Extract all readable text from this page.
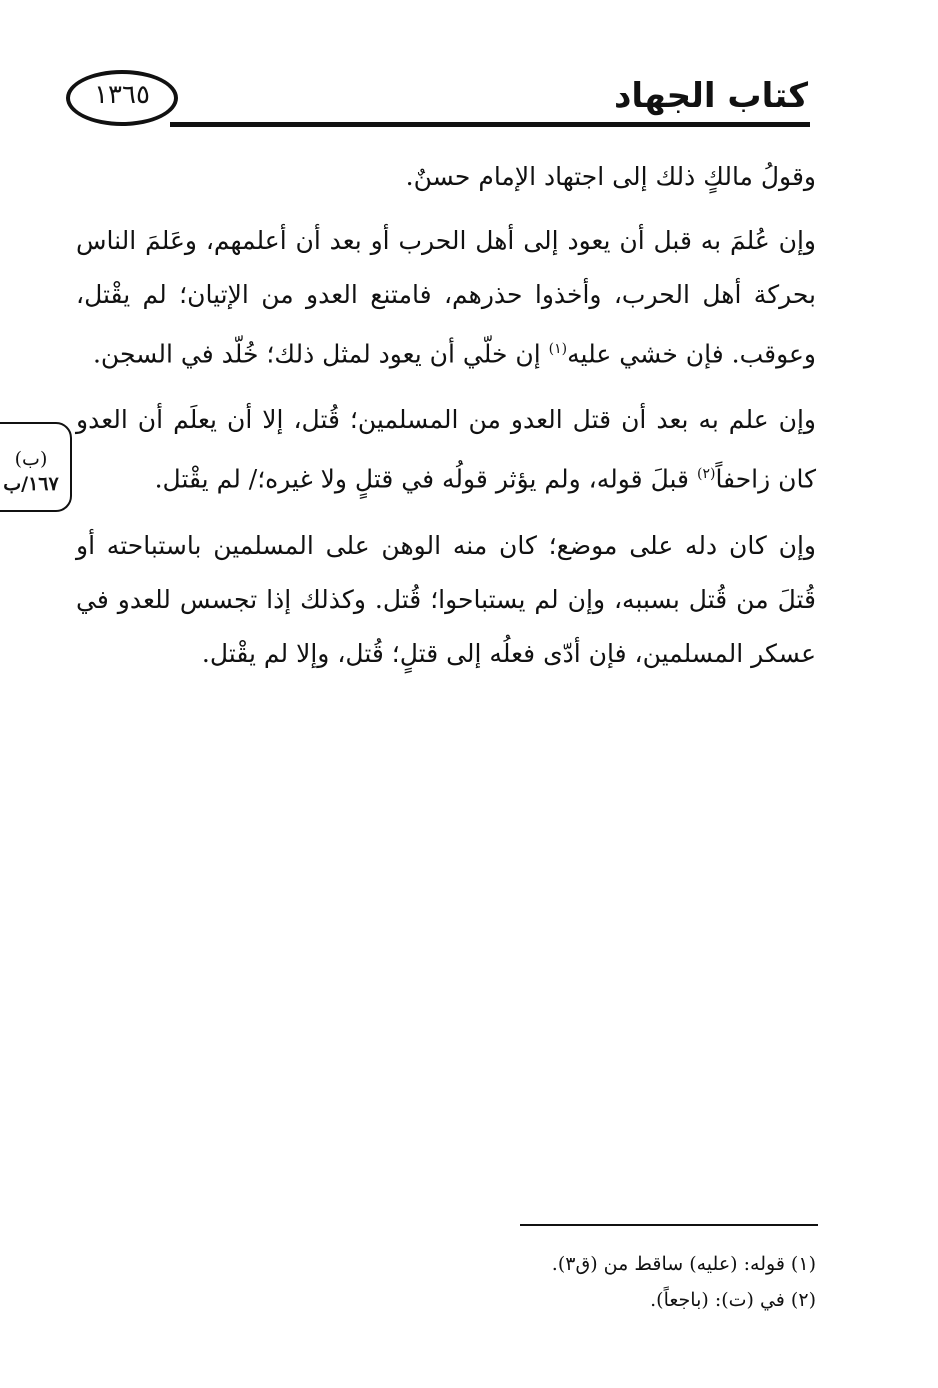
كتاب الجهاد
١٣٦٥
(ب)
١٦٧/ب

وقولُ مالكٍ ذلك إلى اجتهاد الإمام حسنٌ.

وإن عُلمَ به قبل أن يعود إلى أهل الحرب أو بعد أن أعلمهم، وعَلمَ الناس بحركة أهل الحرب، وأخذوا حذرهم، فامتنع العدو من الإتيان؛ لم يقْتل، وعوقب. فإن خشي عليه$^{(١)}$ إن خلّي أن يعود لمثل ذلك؛ خُلّد في السجن.

وإن علم به بعد أن قتل العدو من المسلمين؛ قُتل، إلا أن يعلَم أن العدو كان زاحفاً$^{(٢)}$ قبلَ قوله، ولم يؤثر قولُه في قتلٍ ولا غيره؛/ لم يقْتل.

وإن كان دله على موضع؛ كان منه الوهن على المسلمين باستباحته أو قُتلَ من قُتل بسببه، وإن لم يستباحوا؛ قُتل. وكذلك إذا تجسس للعدو في عسكر المسلمين، فإن أدّى فعلُه إلى قتلٍ؛ قُتل، وإلا لم يقْتل.

(١) قوله: (عليه) ساقط من (ق٣).
(٢) في (ت): (باجعاً).
